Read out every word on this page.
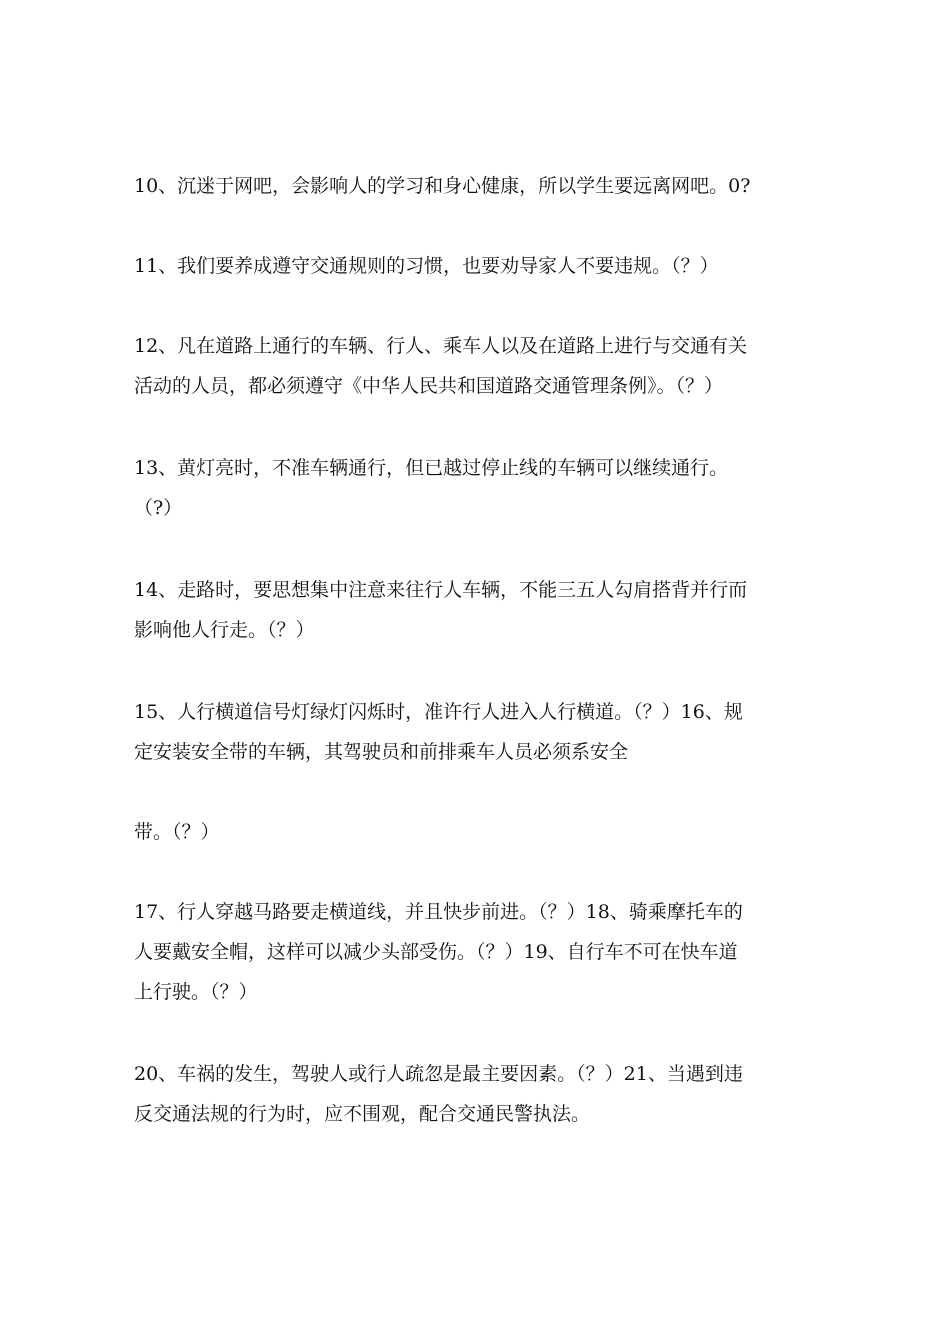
10、沉迷于网吧，会影响人的学习和身心健康，所以学生要远离网吧。0?
11、我们要养成遵守交通规则的习惯，也要劝导家人不要违规。（？）
12、凡在道路上通行的车辆、行人、乘车人以及在道路上进行与交通有关
活动的人员，都必须遵守《中华人民共和国道路交通管理条例》。（？）
13、黄灯亮时，不准车辆通行，但已越过停止线的车辆可以继续通行。
（?）
14、走路时，要思想集中注意来往行人车辆，不能三五人勾肩搭背并行而
影响他人行走。（？）
15、人行横道信号灯绿灯闪烁时，准许行人进入人行横道。（？）16、规
定安装安全带的车辆，其驾驶员和前排乘车人员必须系安全
带。（？）
17、行人穿越马路要走横道线，并且快步前进。（？）18、骑乘摩托车的
人要戴安全帽，这样可以减少头部受伤。（？）19、自行车不可在快车道
上行驶。（？）
20、车祸的发生，驾驶人或行人疏忽是最主要因素。（？）21、当遇到违
反交通法规的行为时，应不围观，配合交通民警执法。
